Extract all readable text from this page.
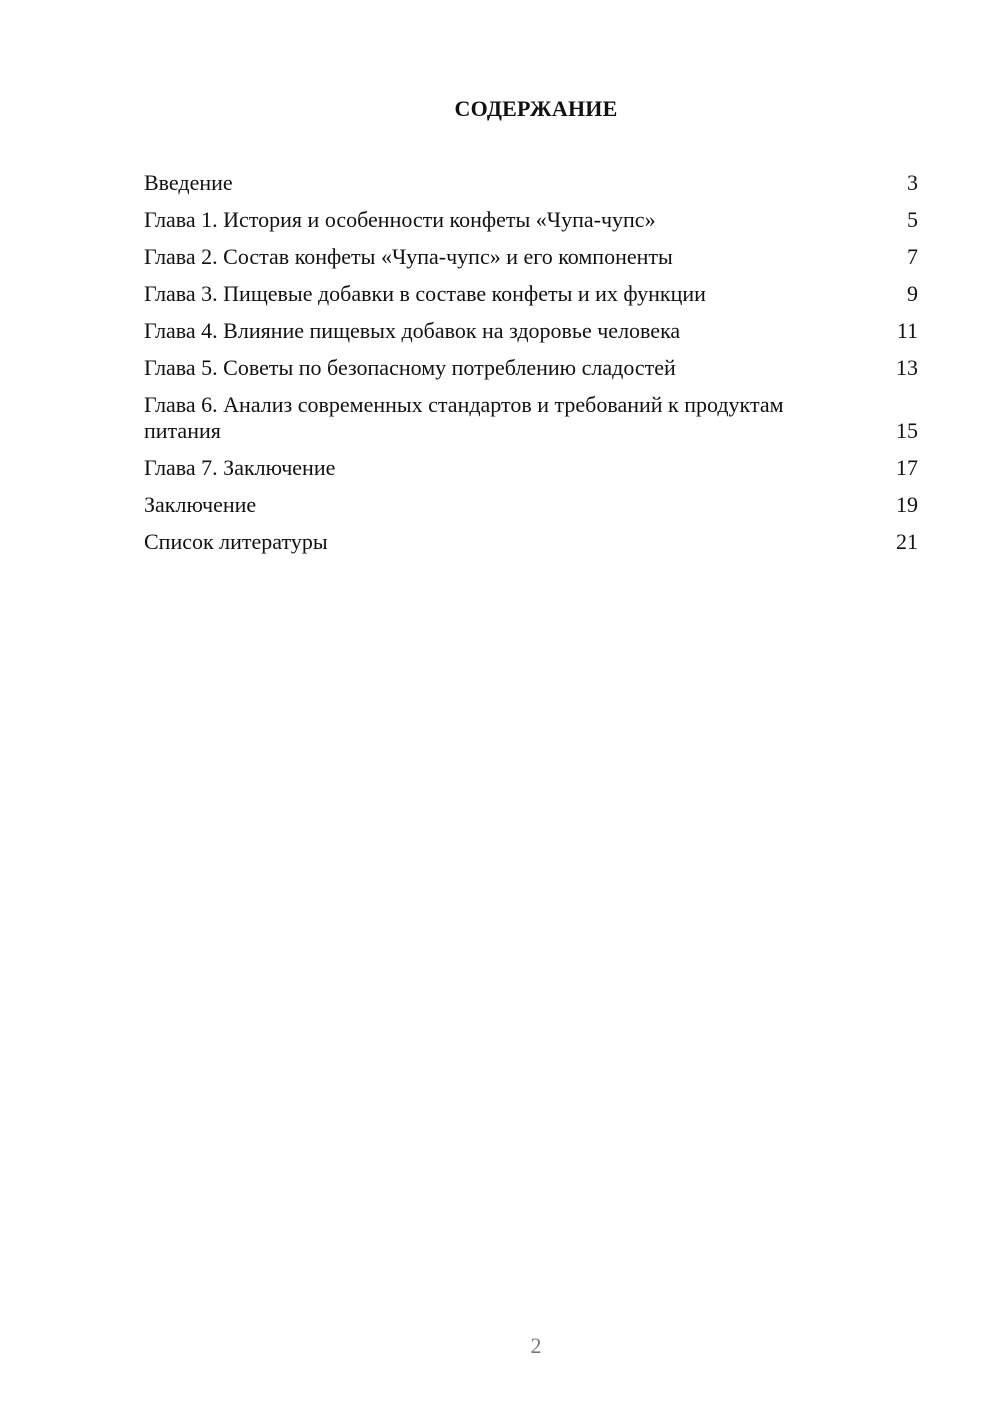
СОДЕРЖАНИЕ
Введение	3
Глава 1. История и особенности конфеты «Чупа-чупс»	5
Глава 2. Состав конфеты «Чупа-чупс» и его компоненты	7
Глава 3. Пищевые добавки в составе конфеты и их функции	9
Глава 4. Влияние пищевых добавок на здоровье человека	11
Глава 5. Советы по безопасному потреблению сладостей	13
Глава 6. Анализ современных стандартов и требований к продуктам питания	15
Глава 7. Заключение	17
Заключение	19
Список литературы	21
2
